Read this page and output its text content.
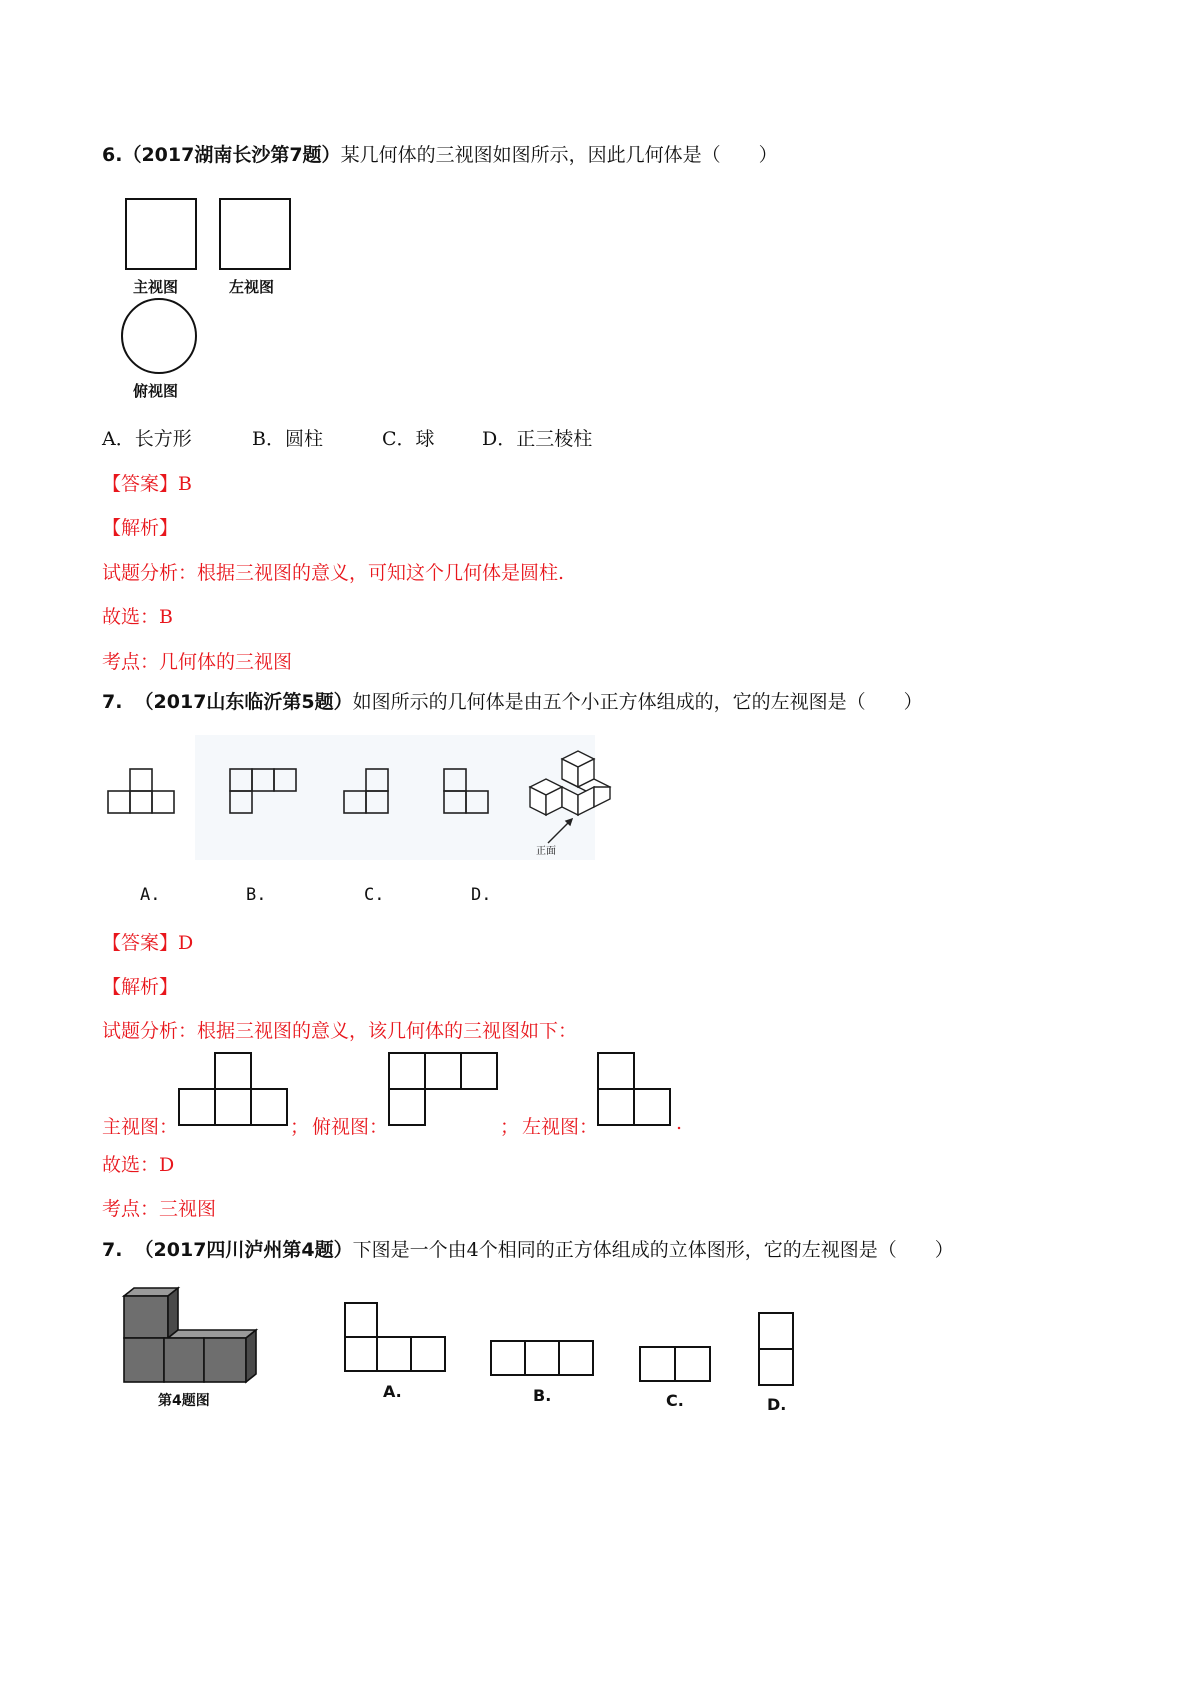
6.（2017湖南长沙第7题）某几何体的三视图如图所示，因此几何体是（　　）
主视图	左视图
俯视图
A．长方形	B．圆柱	C．球 D．正三棱柱
【答案】B
【解析】
试题分析：根据三视图的意义，可知这个几何体是圆柱.
故选：B
考点：几何体的三视图
7. （2017山东临沂第5题）如图所示的几何体是由五个小正方体组成的，它的左视图是（　　）
正面
A.	B.	C.	D.
【答案】D
【解析】
试题分析：根据三视图的意义，该几何体的三视图如下：
主视图：	； 俯视图：	； 左视图：	.
故选：D
考点：三视图
7. （2017四川泸州第4题）下图是一个由4个相同的正方体组成的立体图形，它的左视图是（　　）
第4题图	A.	B.	C.	D.
